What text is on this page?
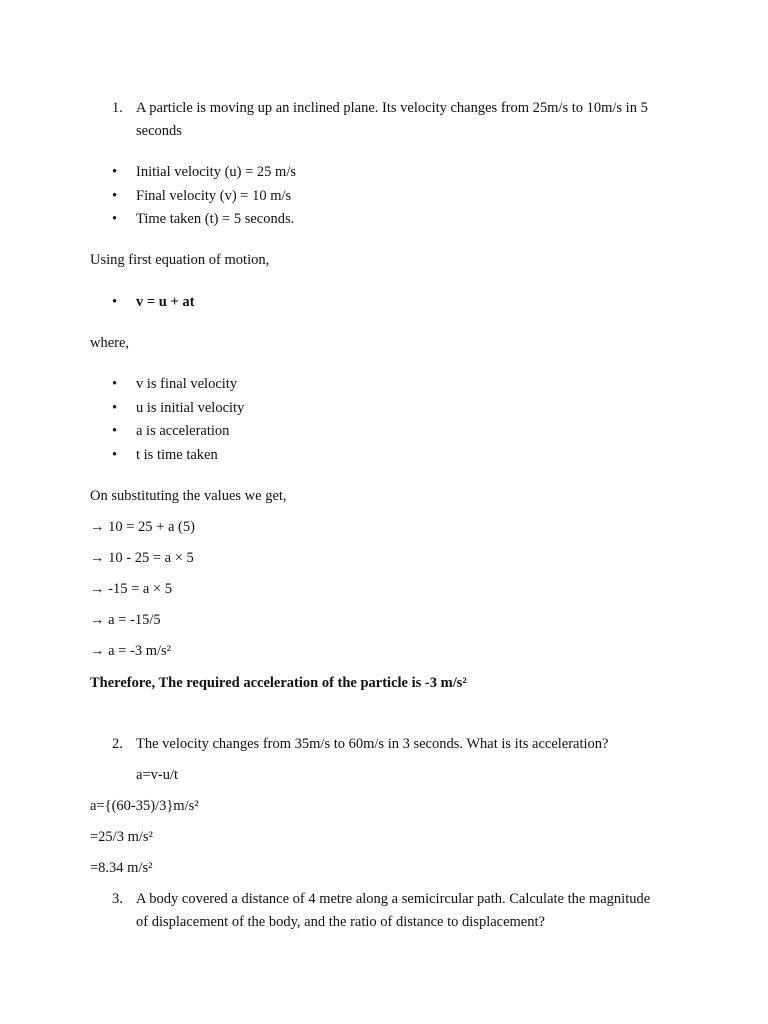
1. A particle is moving up an inclined plane. Its velocity changes from 25m/s to 10m/s in 5
seconds
•
Initial velocity (u) = 25 m/s
•
Final velocity (v) = 10 m/s
•
Time taken (t) = 5 seconds.
Using first equation of motion,
•
v = u + at
where,
•
v is final velocity
•
u is initial velocity
•
a is acceleration
•
t is time taken
On substituting the values we get,
→ 10 = 25 + a (5)
→ 10 - 25 = a × 5
→ -15 = a × 5
→ a = -15/5
→ a = -3 m/s²
Therefore, The required acceleration of the particle is -3 m/s²
2. The velocity changes from 35m/s to 60m/s in 3 seconds. What is its acceleration?
a=v-u/t
a={(60-35)/3}m/s²
=25/3 m/s²
=8.34 m/s²
3. A body covered a distance of 4 metre along a semicircular path. Calculate the magnitude
of displacement of the body, and the ratio of distance to displacement?
